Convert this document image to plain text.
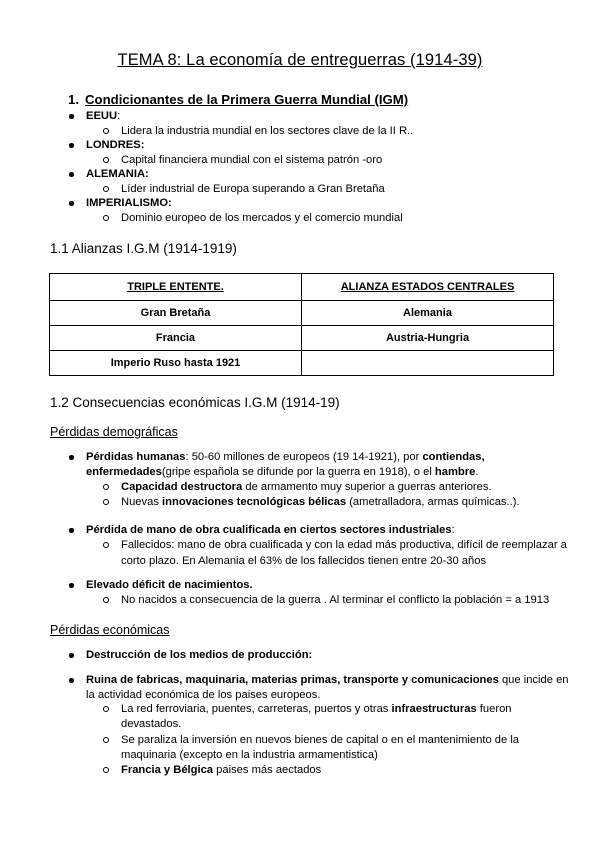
TEMA 8: La economía de entreguerras (1914-39)
1. Condicionantes de la Primera Guerra Mundial (IGM)
EEUU:
Lidera la industria mundial en los sectores clave de la II R..
LONDRES:
Capital financiera mundial con el sistema patrón -oro
ALEMANIA:
Líder industrial de Europa superando a Gran Bretaña
IMPERIALISMO:
Dominio europeo de los mercados y el comercio mundial
1.1 Alianzas I.G.M (1914-1919)
TRIPLE ENTENTE.	ALIANZA ESTADOS CENTRALES
Gran Bretaña	Alemania
Francia	Austria-Hungria
Imperio Ruso hasta 1921	
1.2 Consecuencias económicas I.G.M (1914-19)
Pérdidas demográficas
Pérdidas humanas: 50-60 millones de europeos (19 14-1921), por contiendas,
enfermedades(gripe española se difunde por la guerra en 1918), o el hambre.
Capacidad destructora de armamento muy superior a guerras anteriores.
Nuevas innovaciones tecnológicas bélicas (ametralladora, armas químicas..).
Pérdida de mano de obra cualificada en ciertos sectores industriales:
Fallecidos: mano de obra cualificada y con la edad más productiva, difícil de reemplazar a
corto plazo. En Alemania el 63% de los fallecidos tienen entre 20-30 años
Elevado déficit de nacimientos.
No nacidos a consecuencia de la guerra . Al terminar el conflicto la población = a 1913
Pérdidas económicas
Destrucción de los medios de producción:
Ruina de fabricas, maquinaria, materias primas, transporte y comunicaciones que incide en
la actividad económica de los paises europeos.
La red ferroviaria, puentes, carreteras, puertos y otras infraestructuras fueron
devastados.
Se paraliza la inversión en nuevos bienes de capital o en el mantenimiento de la
maquinaria (excepto en la industria armamentistica)
Francia y Bélgica paises más aectados
